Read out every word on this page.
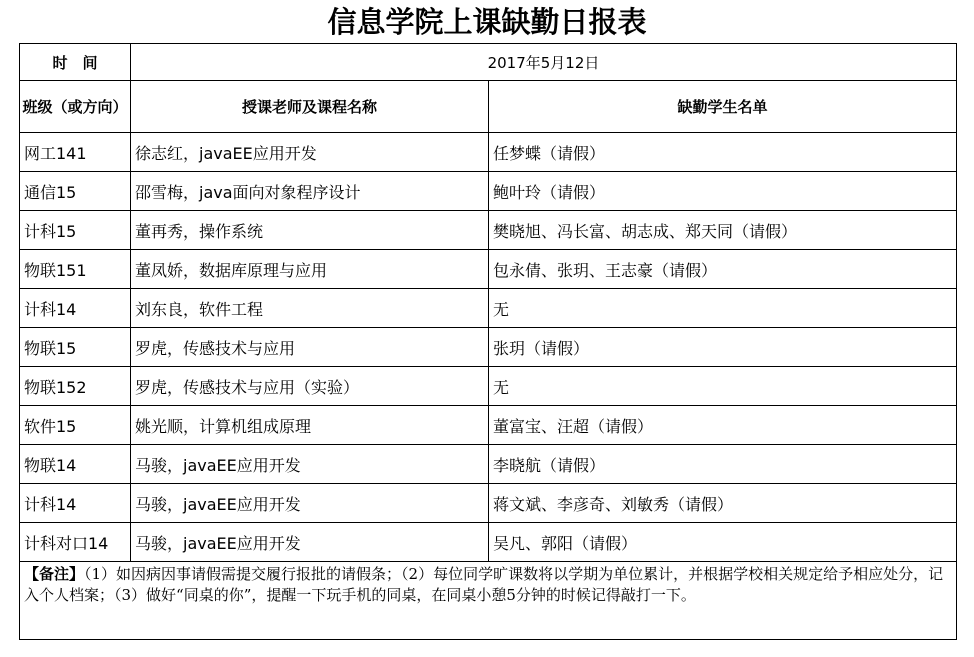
信息学院上课缺勤日报表
时　间	2017年5月12日	
班级（或方向）	授课老师及课程名称	缺勤学生名单
网工141	徐志红，javaEE应用开发	任梦蝶（请假）
通信15	邵雪梅，java面向对象程序设计	鲍叶玲（请假）
计科15	董再秀，操作系统	樊晓旭、冯长富、胡志成、郑天同（请假）
物联151	董凤娇，数据库原理与应用	包永倩、张玥、王志豪（请假）
计科14	刘东良，软件工程	无
物联15	罗虎，传感技术与应用	张玥（请假）
物联152	罗虎，传感技术与应用（实验）	无
软件15	姚光顺，计算机组成原理	董富宝、汪超（请假）
物联14	马骏，javaEE应用开发	李晓航（请假）
计科14	马骏，javaEE应用开发	蒋文斌、李彦奇、刘敏秀（请假）
计科对口14	马骏，javaEE应用开发	吴凡、郭阳（请假）
【备注】（1）如因病因事请假需提交履行报批的请假条；（2）每位同学旷课数将以学期为单位累计，并根据学校相关规定给予相应处分，记入个人档案；（3）做好“同桌的你”，提醒一下玩手机的同桌，在同桌小憩5分钟的时候记得敲打一下。		
